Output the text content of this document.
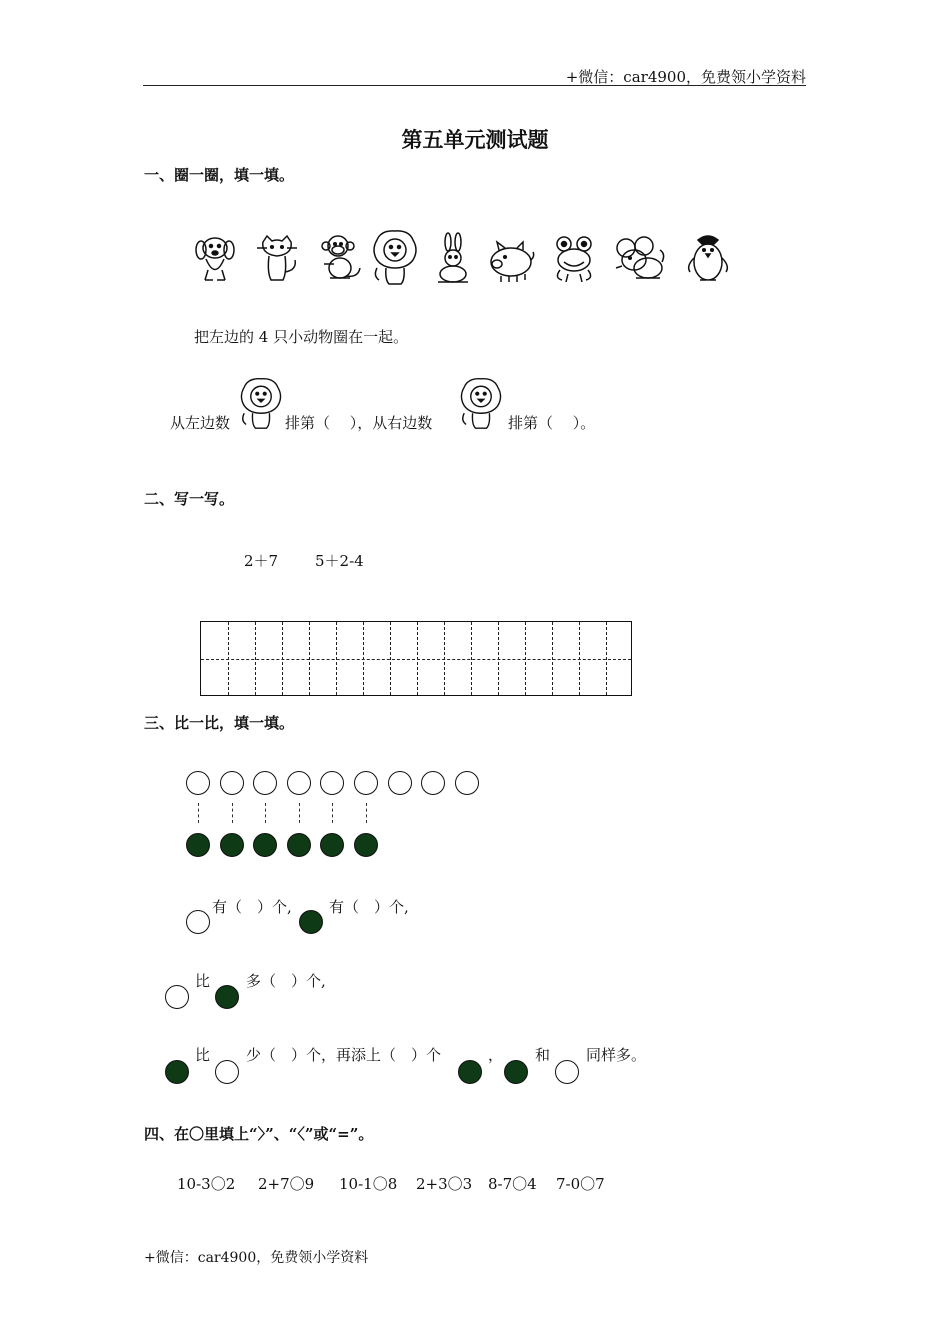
+微信：car4900，免费领小学资料
第五单元测试题
一、圈一圈，填一填。
把左边的 4 只小动物圈在一起。
从左边数	排第（　 ），从右边数	排第（　 ）。
二、写一写。
2＋7 5＋2-4
三、比一比，填一填。
有（　）个, 有（　）个,
比 多（　）个,
比 少（　）个，再添上（　）个	， 和 同样多。
四、在〇里填上“〉”、“〈”或“=”。
10-3〇2 2+7〇9 10-1〇8 2+3〇3 8-7〇4 7-0〇7
+微信：car4900，免费领小学资料
